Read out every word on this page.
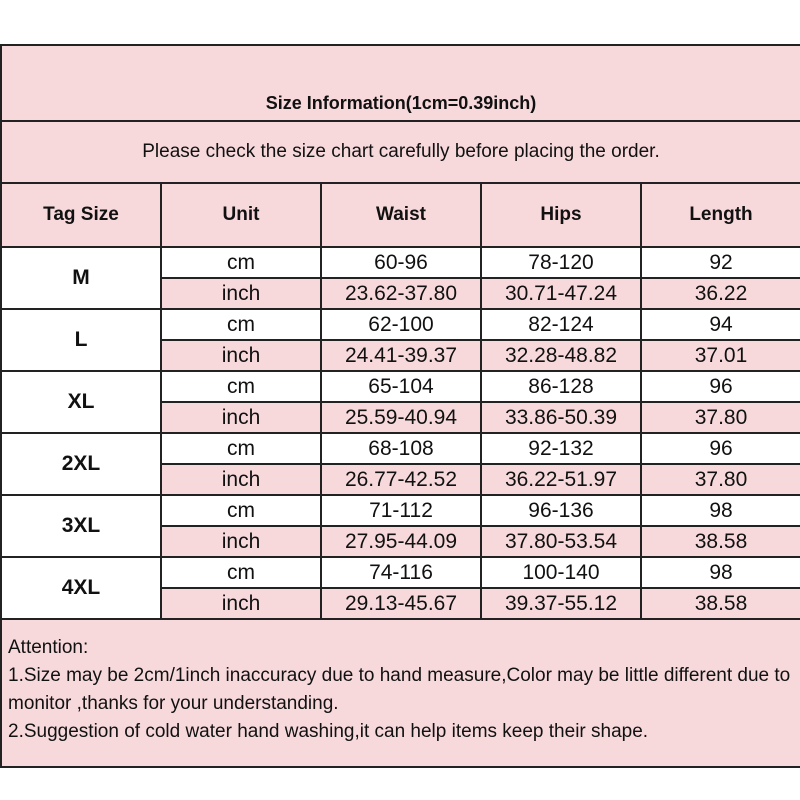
Size Information(1cm=0.39inch)				
Please check the size chart carefully before placing the order.				
Tag Size	Unit	Waist	Hips	Length
M	cm	60-96	78-120	92
	inch	23.62-37.80	30.71-47.24	36.22
L	cm	62-100	82-124	94
	inch	24.41-39.37	32.28-48.82	37.01
XL	cm	65-104	86-128	96
	inch	25.59-40.94	33.86-50.39	37.80
2XL	cm	68-108	92-132	96
	inch	26.77-42.52	36.22-51.97	37.80
3XL	cm	71-112	96-136	98
	inch	27.95-44.09	37.80-53.54	38.58
4XL	cm	74-116	100-140	98
	inch	29.13-45.67	39.37-55.12	38.58

Attention:

1.Size may be 2cm/1inch inaccuracy due to hand measure,Color may be little different due to monitor ,thanks for your understanding.

2.Suggestion of cold water hand washing,it can help items keep their shape.				
